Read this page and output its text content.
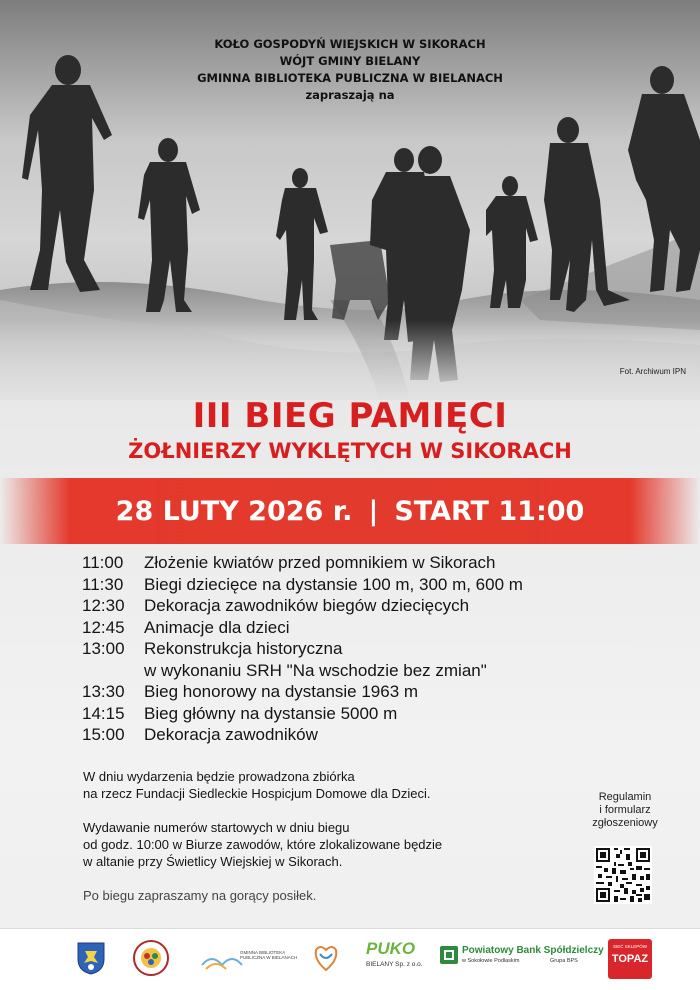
KOŁO GOSPODYŃ WIEJSKICH W SIKORACH
WÓJT GMINY BIELANY
GMINNA BIBLIOTEKA PUBLICZNA W BIELANACH
zapraszają na
Fot. Archiwum IPN
III BIEG PAMIĘCI
ŻOŁNIERZY WYKLĘTYCH W SIKORACH
28 LUTY 2026 r. | START 11:00
11:00	Złożenie kwiatów przed pomnikiem w Sikorach
11:30	Biegi dziecięce na dystansie 100 m, 300 m, 600 m
12:30	Dekoracja zawodników biegów dziecięcych
12:45	Animacje dla dzieci
13:00	Rekonstrukcja historyczna
w wykonaniu SRH "Na wschodzie bez zmian"
13:30	Bieg honorowy na dystansie 1963 m
14:15	Bieg główny na dystansie 5000 m
15:00	Dekoracja zawodników
W dniu wydarzenia będzie prowadzona zbiórka
na rzecz Fundacji Siedleckie Hospicjum Domowe dla Dzieci.
Wydawanie numerów startowych w dniu biegu
od godz. 10:00 w Biurze zawodów, które zlokalizowane będzie
w altanie przy Świetlicy Wiejskiej w Sikorach.
Po biegu zapraszamy na gorący posiłek.
Regulamin
i formularz
zgłoszeniowy
GMINNA BIBLIOTEKA PUBLICZNA W BIELANACH	PUKO
BIELANY Sp. z o.o.
Powiatowy Bank Spółdzielczy
w Sokołowie Podlaskim	Grupa BPS
SIEĆ SKLEPÓW
TOPAZ
